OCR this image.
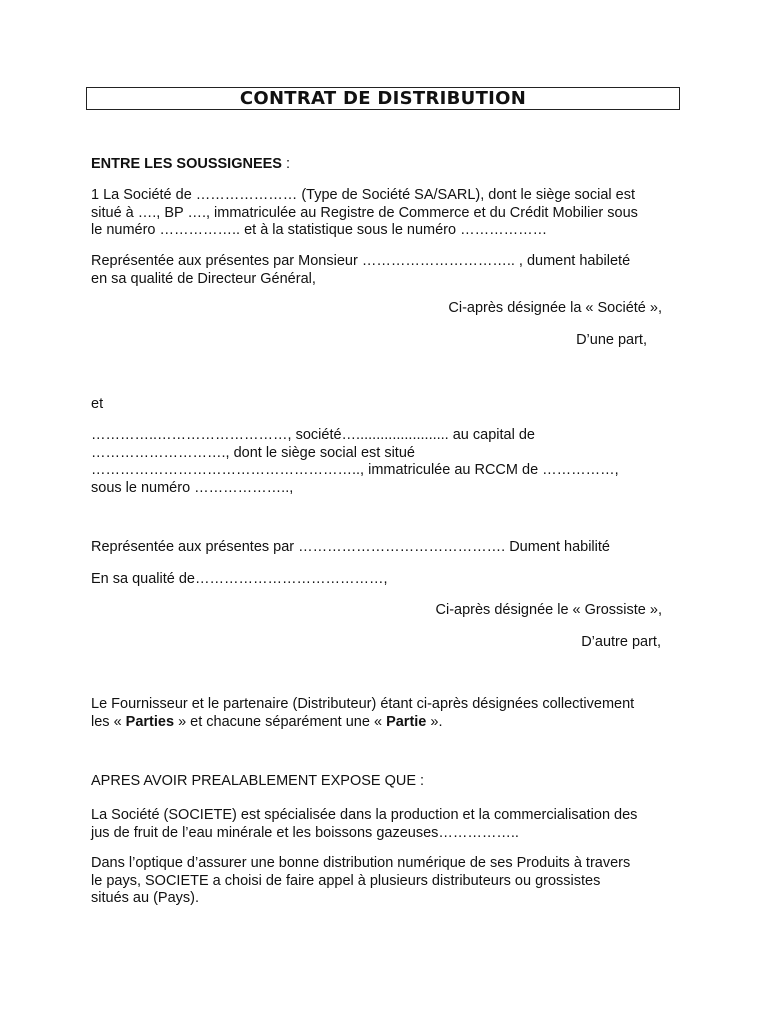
CONTRAT DE DISTRIBUTION

ENTRE LES SOUSSIGNEES :

1 La Société de ………………… (Type de Société SA/SARL), dont le siège social est
situé à …., BP …., immatriculée au Registre de Commerce et du Crédit Mobilier sous
le numéro …………….. et à la statistique sous le numéro ………………

Représentée aux présentes par Monsieur ………………………….. , dument habileté
en sa qualité de Directeur Général,

Ci-après désignée la « Société »,
D’une part,

et

…………..………………………, société…....................... au capital de
………………………., dont le siège social est situé
……………………………………………….., immatriculée au RCCM de ……………,
sous le numéro ………………..,

Représentée aux présentes par ……………………………………. Dument habilité

En sa qualité de…………………………………,

Ci-après désignée le « Grossiste »,
D’autre part,

Le Fournisseur et le partenaire (Distributeur) étant ci-après désignées collectivement
les « Parties » et chacune séparément une « Partie ».

APRES AVOIR PREALABLEMENT EXPOSE QUE :

La Société (SOCIETE) est spécialisée dans la production et la commercialisation des
jus de fruit de l’eau minérale et les boissons gazeuses……………..

Dans l’optique d’assurer une bonne distribution numérique de ses Produits à travers
le pays, SOCIETE a choisi de faire appel à plusieurs distributeurs ou grossistes
situés au (Pays).
